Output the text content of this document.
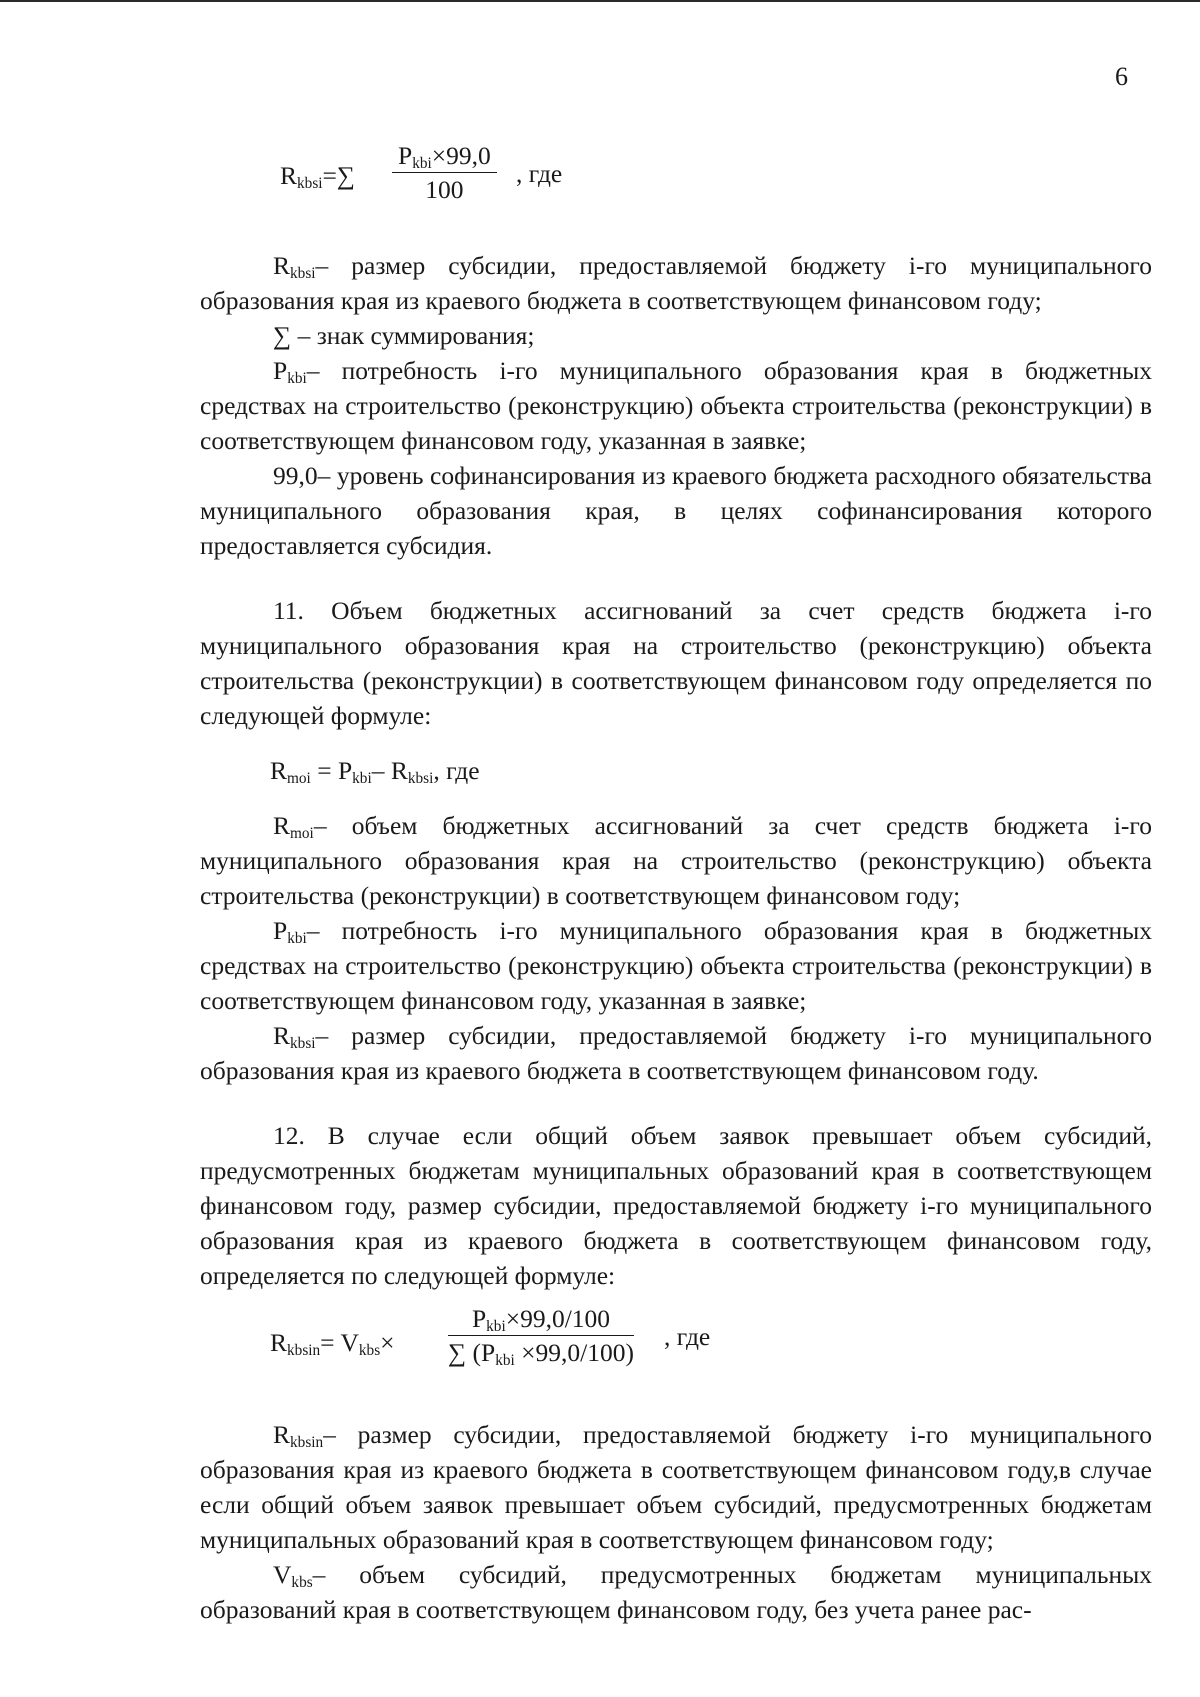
6
$R_{kbsi}=\sum$
$P_{kbi}\times 99,0$
100
, где

$R_{kbsi}-$ размер субсидии, предоставляемой бюджету i-го муниципального образования края из краевого бюджета в соответствующем финансовом году;

∑ – знак суммирования;

$P_{kbi}-$ потребность i-го муниципального образования края в бюджетных средствах на строительство (реконструкцию) объекта строительства (реконструкции) в соответствующем финансовом году, указанная в заявке;

99,0– уровень софинансирования из краевого бюджета расходного обязательства муниципального образования края, в целях софинансирования которого предоставляется субсидия.

11. Объем бюджетных ассигнований за счет средств бюджета i-го муниципального образования края на строительство (реконструкцию) объекта строительства (реконструкции) в соответствующем финансовом году определяется по следующей формуле:

$R_{moi} = P_{kbi}-$ $R_{kbsi}$, где

$R_{moi}-$ объем бюджетных ассигнований за счет средств бюджета i-го муниципального образования края на строительство (реконструкцию) объекта строительства (реконструкции) в соответствующем финансовом году;

$P_{kbi}-$ потребность i-го муниципального образования края в бюджетных средствах на строительство (реконструкцию) объекта строительства (реконструкции) в соответствующем финансовом году, указанная в заявке;

$R_{kbsi}-$ размер субсидии, предоставляемой бюджету i-го муниципального образования края из краевого бюджета в соответствующем финансовом году.

12. В случае если общий объем заявок превышает объем субсидий, предусмотренных бюджетам муниципальных образований края в соответствующем финансовом году, размер субсидии, предоставляемой бюджету i-го муниципального образования края из краевого бюджета в соответствующем финансовом году, определяется по следующей формуле:

$R_{kbsin}= V_{kbs}\times$
$P_{kbi}\times 99,0/100$
∑ $(P_{kbi} \times 99,0/100)$
, где

$R_{kbsin}-$ размер субсидии, предоставляемой бюджету i-го муниципального образования края из краевого бюджета в соответствующем финансовом году,в случае если общий объем заявок превышает объем субсидий, предусмотренных бюджетам муниципальных образований края в соответствующем финансовом году;

$V_{kbs}-$ объем субсидий, предусмотренных бюджетам муниципальных образований края в соответствующем финансовом году, без учета ранее рас-
